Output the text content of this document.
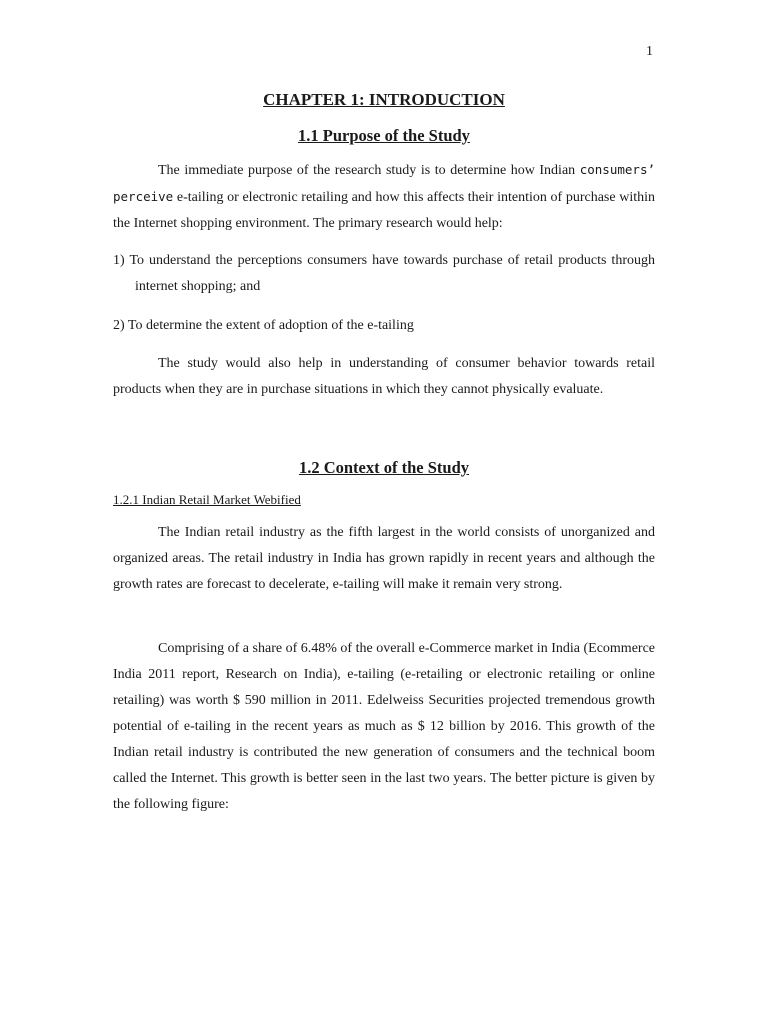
1
CHAPTER 1: INTRODUCTION
1.1 Purpose of the Study
The immediate purpose of the research study is to determine how Indian consumers’ perceive e-tailing or electronic retailing and how this affects their intention of purchase within the Internet shopping environment. The primary research would help:
1) To understand the perceptions consumers have towards purchase of retail products through internet shopping; and
2) To determine the extent of adoption of the e-tailing
The study would also help in understanding of consumer behavior towards retail products when they are in purchase situations in which they cannot physically evaluate.
1.2 Context of the Study
1.2.1 Indian Retail Market Webified
The Indian retail industry as the fifth largest in the world consists of unorganized and organized areas. The retail industry in India has grown rapidly in recent years and although the growth rates are forecast to decelerate, e-tailing will make it remain very strong.
Comprising of a share of 6.48% of the overall e-Commerce market in India (Ecommerce India 2011 report, Research on India), e-tailing (e-retailing or electronic retailing or online retailing) was worth $ 590 million in 2011. Edelweiss Securities projected tremendous growth potential of e-tailing in the recent years as much as $ 12 billion by 2016. This growth of the Indian retail industry is contributed the new generation of consumers and the technical boom called the Internet. This growth is better seen in the last two years. The better picture is given by the following figure:
